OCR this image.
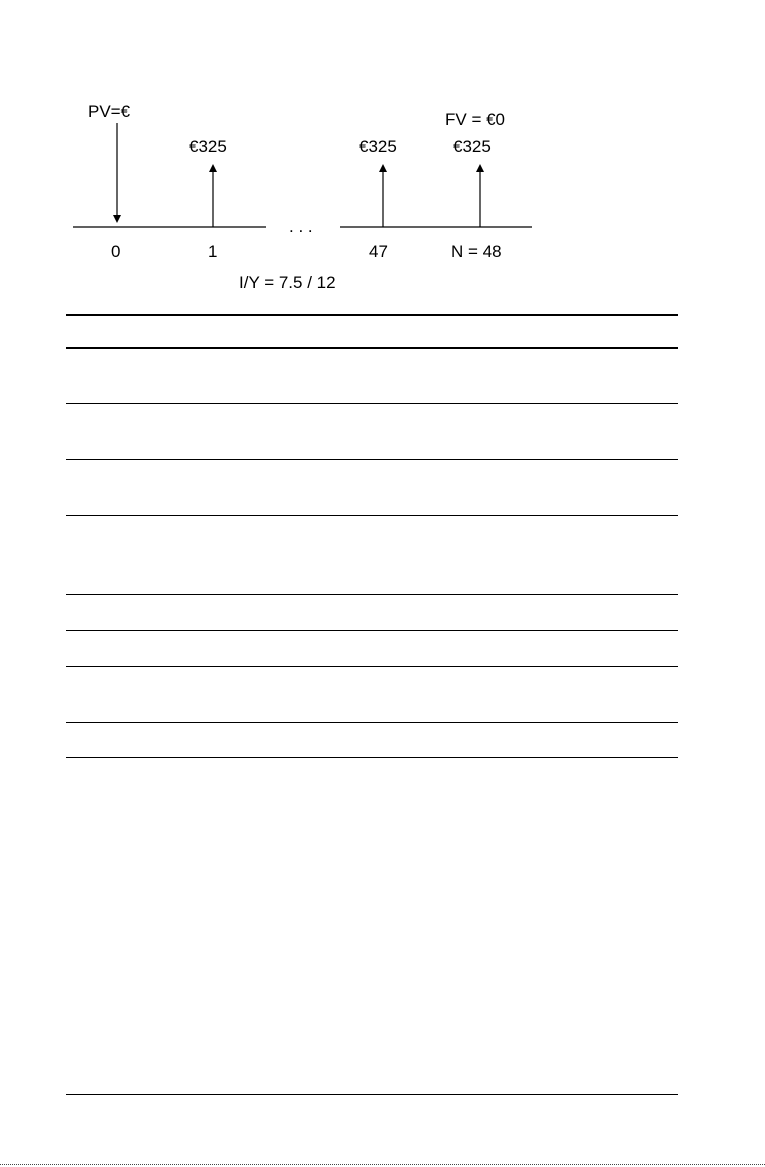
PV=€	FV = €0
€325	€325	€325
. . .
0	1	47	N = 48
I/Y = 7.5 / 12
